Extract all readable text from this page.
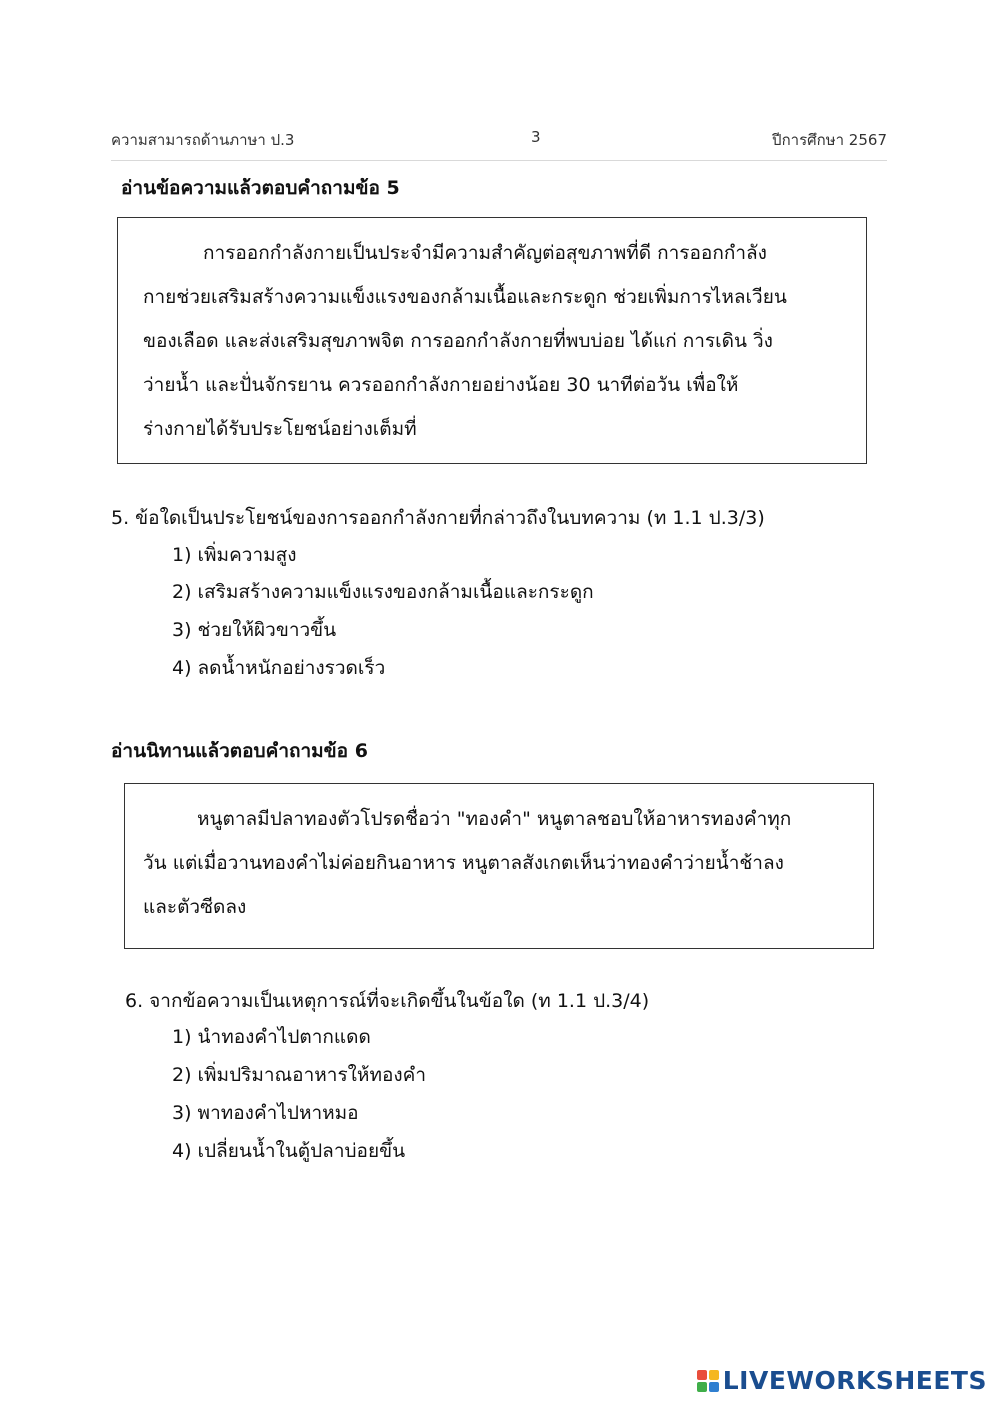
ความสามารถด้านภาษา ป.3	3	ปีการศึกษา 2567
อ่านข้อความแล้วตอบคำถามข้อ 5
การออกกำลังกายเป็นประจำมีความสำคัญต่อสุขภาพที่ดี การออกกำลัง
กายช่วยเสริมสร้างความแข็งแรงของกล้ามเนื้อและกระดูก ช่วยเพิ่มการไหลเวียน
ของเลือด และส่งเสริมสุขภาพจิต การออกกำลังกายที่พบบ่อย ได้แก่ การเดิน วิ่ง
ว่ายน้ำ และปั่นจักรยาน ควรออกกำลังกายอย่างน้อย 30 นาทีต่อวัน เพื่อให้
ร่างกายได้รับประโยชน์อย่างเต็มที่
5. ข้อใดเป็นประโยชน์ของการออกกำลังกายที่กล่าวถึงในบทความ (ท 1.1 ป.3/3)
1) เพิ่มความสูง
2) เสริมสร้างความแข็งแรงของกล้ามเนื้อและกระดูก
3) ช่วยให้ผิวขาวขึ้น
4) ลดน้ำหนักอย่างรวดเร็ว
อ่านนิทานแล้วตอบคำถามข้อ 6
หนูตาลมีปลาทองตัวโปรดชื่อว่า "ทองคำ" หนูตาลชอบให้อาหารทองคำทุก
วัน แต่เมื่อวานทองคำไม่ค่อยกินอาหาร หนูตาลสังเกตเห็นว่าทองคำว่ายน้ำช้าลง
และตัวซีดลง
6. จากข้อความเป็นเหตุการณ์ที่จะเกิดขึ้นในข้อใด (ท 1.1 ป.3/4)
1) นำทองคำไปตากแดด
2) เพิ่มปริมาณอาหารให้ทองคำ
3) พาทองคำไปหาหมอ
4) เปลี่ยนน้ำในตู้ปลาบ่อยขึ้น
LIVEWORKSHEETS
